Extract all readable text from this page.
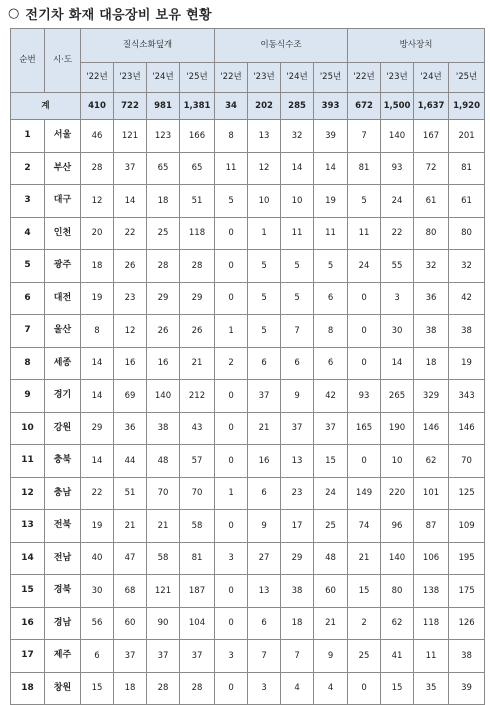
○ 전기차 화재 대응장비 보유 현황
순번	시·도	질식소화덮개				이동식수조				방사장치			
		'22년	'23년	'24년	'25년	'22년	'23년	'24년	'25년	'22년	'23년	'24년	'25년
계		410	722	981	1,381	34	202	285	393	672	1,500	1,637	1,920
1	서울	46	121	123	166	8	13	32	39	7	140	167	201
2	부산	28	37	65	65	11	12	14	14	81	93	72	81
3	대구	12	14	18	51	5	10	10	19	5	24	61	61
4	인천	20	22	25	118	0	1	11	11	11	22	80	80
5	광주	18	26	28	28	0	5	5	5	24	55	32	32
6	대전	19	23	29	29	0	5	5	6	0	3	36	42
7	울산	8	12	26	26	1	5	7	8	0	30	38	38
8	세종	14	16	16	21	2	6	6	6	0	14	18	19
9	경기	14	69	140	212	0	37	9	42	93	265	329	343
10	강원	29	36	38	43	0	21	37	37	165	190	146	146
11	충북	14	44	48	57	0	16	13	15	0	10	62	70
12	충남	22	51	70	70	1	6	23	24	149	220	101	125
13	전북	19	21	21	58	0	9	17	25	74	96	87	109
14	전남	40	47	58	81	3	27	29	48	21	140	106	195
15	경북	30	68	121	187	0	13	38	60	15	80	138	175
16	경남	56	60	90	104	0	6	18	21	2	62	118	126
17	제주	6	37	37	37	3	7	7	9	25	41	11	38
18	창원	15	18	28	28	0	3	4	4	0	15	35	39
